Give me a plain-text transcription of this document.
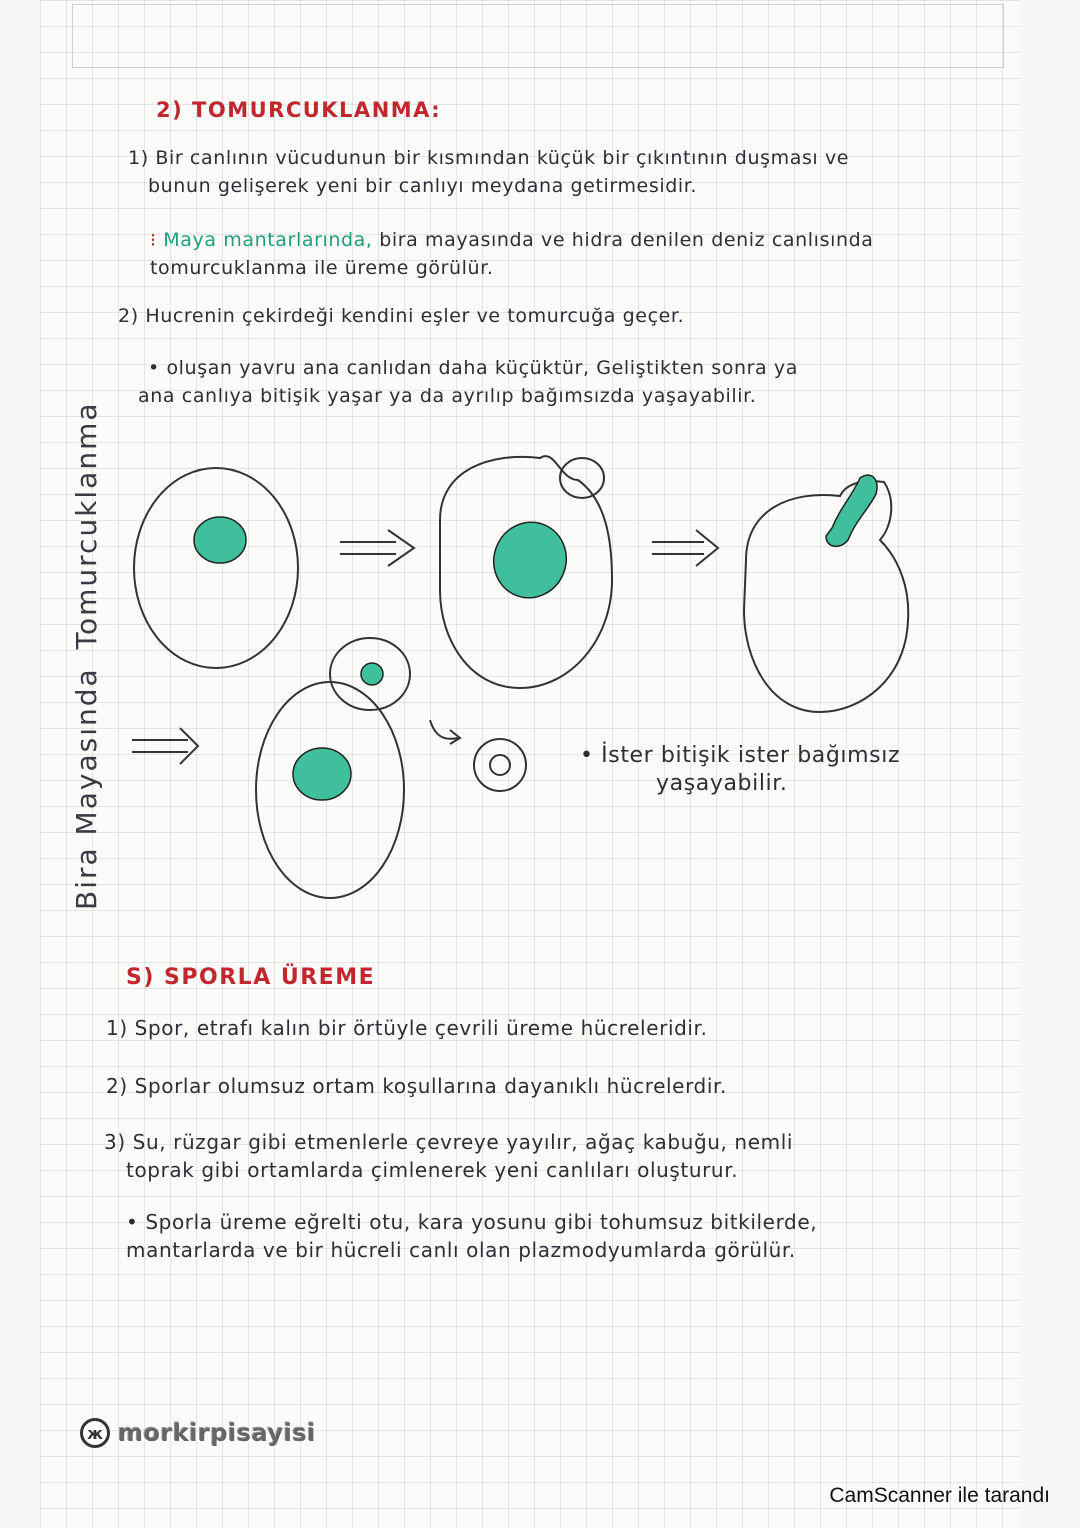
2) TOMURCUKLANMA:
1) Bir canlının vücudunun bir kısmından küçük bir çıkıntının duşması ve
bunun gelişerek yeni bir canlıyı meydana getirmesidir.
⁝ Maya mantarlarında, bira mayasında ve hidra denilen deniz canlısında
tomurcuklanma ile üreme görülür.
2) Hucrenin çekirdeği kendini eşler ve tomurcuğa geçer.
• oluşan yavru ana canlıdan daha küçüktür, Geliştikten sonra ya
ana canlıya bitişik yaşar ya da ayrılıp bağımsızda yaşayabilir.
Bira MayasındaTomurcuklanma
• İster bitişik ister bağımsız
yaşayabilir.
S) SPORLA ÜREME
1) Spor, etrafı kalın bir örtüyle çevrili üreme hücreleridir.
2) Sporlar olumsuz ortam koşullarına dayanıklı hücrelerdir.
3) Su, rüzgar gibi etmenlerle çevreye yayılır, ağaç kabuğu, nemli
toprak gibi ortamlarda çimlenerek yeni canlıları oluşturur.
• Sporla üreme eğrelti otu, kara yosunu gibi tohumsuz bitkilerde,
mantarlarda ve bir hücreli canlı olan plazmodyumlarda görülür.
ж morkirpisayisi
CamScanner ile tarandı
